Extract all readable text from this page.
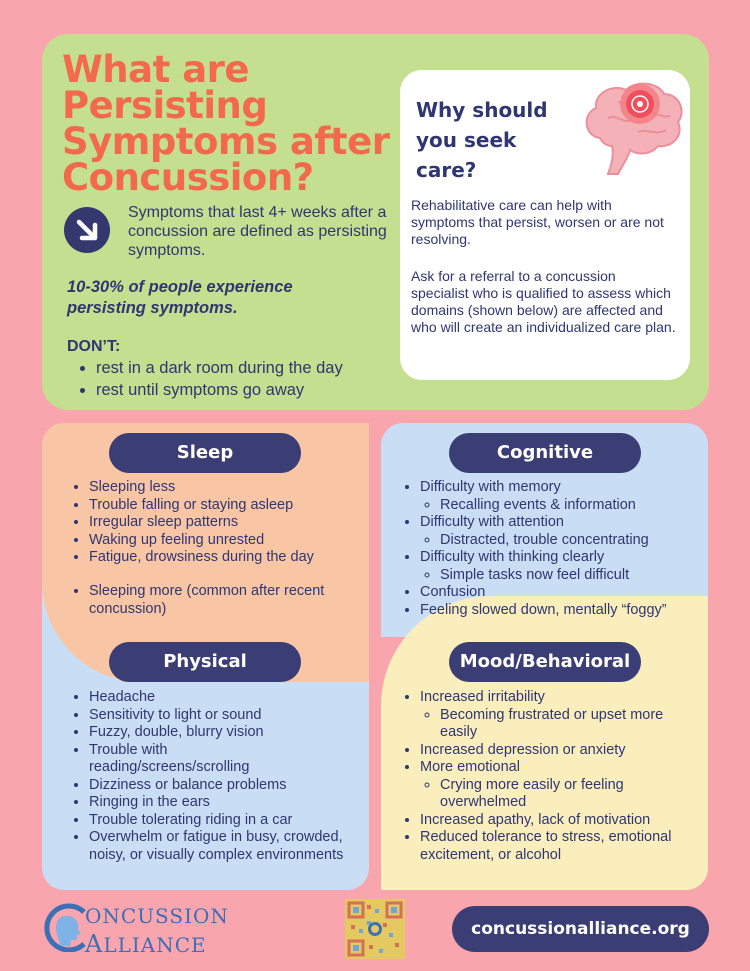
What are Persisting Symptoms after Concussion?
Symptoms that last 4+ weeks after a concussion are defined as persisting symptoms.
10-30% of people experience persisting symptoms.
DON’T:
• rest in a dark room during the day
• rest until symptoms go away
Why should you seek care?
Rehabilitative care can help with symptoms that persist, worsen or are not resolving.
Ask for a referral to a concussion specialist who is qualified to assess which domains (shown below) are affected and who will create an individualized care plan.
Sleep
• Sleeping less
• Trouble falling or staying asleep
• Irregular sleep patterns
• Waking up feeling unrested
• Fatigue, drowsiness during the day
• Sleeping more (common after recent concussion)
Cognitive
• Difficulty with memory
◦ Recalling events & information
• Difficulty with attention
◦ Distracted, trouble concentrating
• Difficulty with thinking clearly
◦ Simple tasks now feel difficult
• Confusion
• Feeling slowed down, mentally “foggy”
Physical
• Headache
• Sensitivity to light or sound
• Fuzzy, double, blurry vision
• Trouble with reading/screens/scrolling
• Dizziness or balance problems
• Ringing in the ears
• Trouble tolerating riding in a car
• Overwhelm or fatigue in busy, crowded, noisy, or visually complex environments
Mood/Behavioral
• Increased irritability
◦ Becoming frustrated or upset more easily
• Increased depression or anxiety
• More emotional
◦ Crying more easily or feeling overwhelmed
• Increased apathy, lack of motivation
• Reduced tolerance to stress, emotional excitement, or alcohol
ONCUSSION
ALLIANCE
concussionalliance.org
